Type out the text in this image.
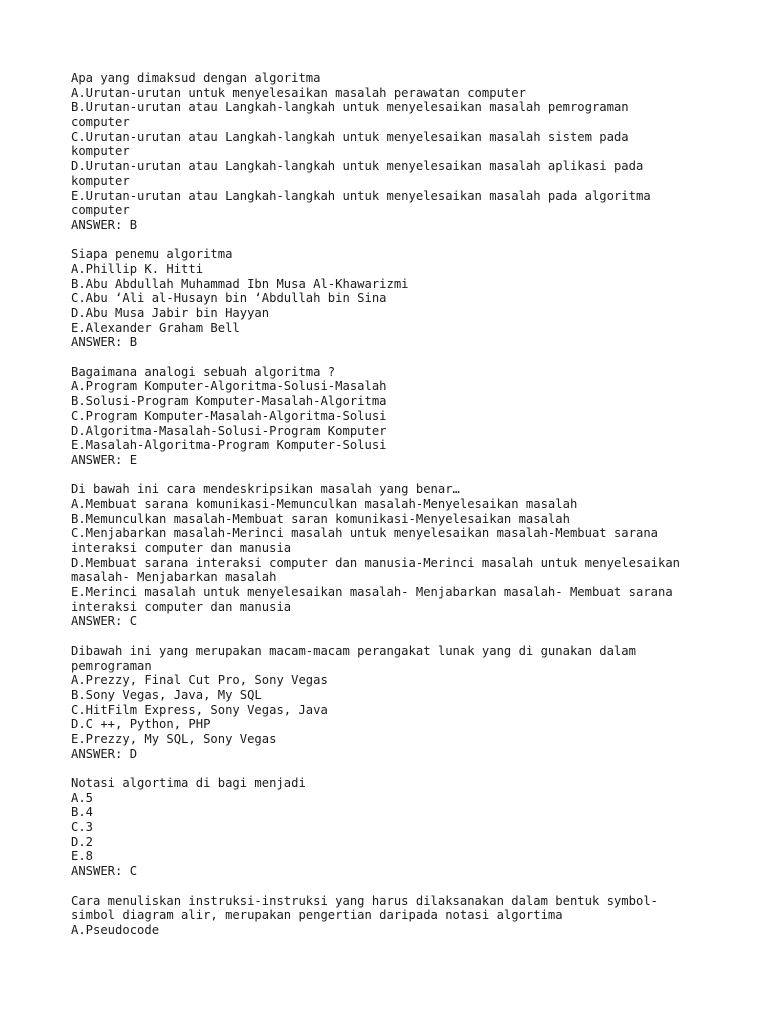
Apa yang dimaksud dengan algoritma
A.Urutan-urutan untuk menyelesaikan masalah perawatan computer
B.Urutan-urutan atau Langkah-langkah untuk menyelesaikan masalah pemrograman
computer
C.Urutan-urutan atau Langkah-langkah untuk menyelesaikan masalah sistem pada
komputer
D.Urutan-urutan atau Langkah-langkah untuk menyelesaikan masalah aplikasi pada
komputer
E.Urutan-urutan atau Langkah-langkah untuk menyelesaikan masalah pada algoritma
computer
ANSWER: B
Siapa penemu algoritma
A.Phillip K. Hitti
B.Abu Abdullah Muhammad Ibn Musa Al-Khawarizmi
C.Abu ‘Ali al-Husayn bin ‘Abdullah bin Sina
D.Abu Musa Jabir bin Hayyan
E.Alexander Graham Bell
ANSWER: B
Bagaimana analogi sebuah algoritma ?
A.Program Komputer-Algoritma-Solusi-Masalah
B.Solusi-Program Komputer-Masalah-Algoritma
C.Program Komputer-Masalah-Algoritma-Solusi
D.Algoritma-Masalah-Solusi-Program Komputer
E.Masalah-Algoritma-Program Komputer-Solusi
ANSWER: E
Di bawah ini cara mendeskripsikan masalah yang benar…
A.Membuat sarana komunikasi-Memunculkan masalah-Menyelesaikan masalah
B.Memunculkan masalah-Membuat saran komunikasi-Menyelesaikan masalah
C.Menjabarkan masalah-Merinci masalah untuk menyelesaikan masalah-Membuat sarana
interaksi computer dan manusia
D.Membuat sarana interaksi computer dan manusia-Merinci masalah untuk menyelesaikan
masalah- Menjabarkan masalah
E.Merinci masalah untuk menyelesaikan masalah- Menjabarkan masalah- Membuat sarana
interaksi computer dan manusia
ANSWER: C
Dibawah ini yang merupakan macam-macam perangakat lunak yang di gunakan dalam
pemrograman
A.Prezzy, Final Cut Pro, Sony Vegas
B.Sony Vegas, Java, My SQL
C.HitFilm Express, Sony Vegas, Java
D.C ++, Python, PHP
E.Prezzy, My SQL, Sony Vegas
ANSWER: D
Notasi algortima di bagi menjadi
A.5
B.4
C.3
D.2
E.8
ANSWER: C
Cara menuliskan instruksi-instruksi yang harus dilaksanakan dalam bentuk symbol-
simbol diagram alir, merupakan pengertian daripada notasi algortima
A.Pseudocode
